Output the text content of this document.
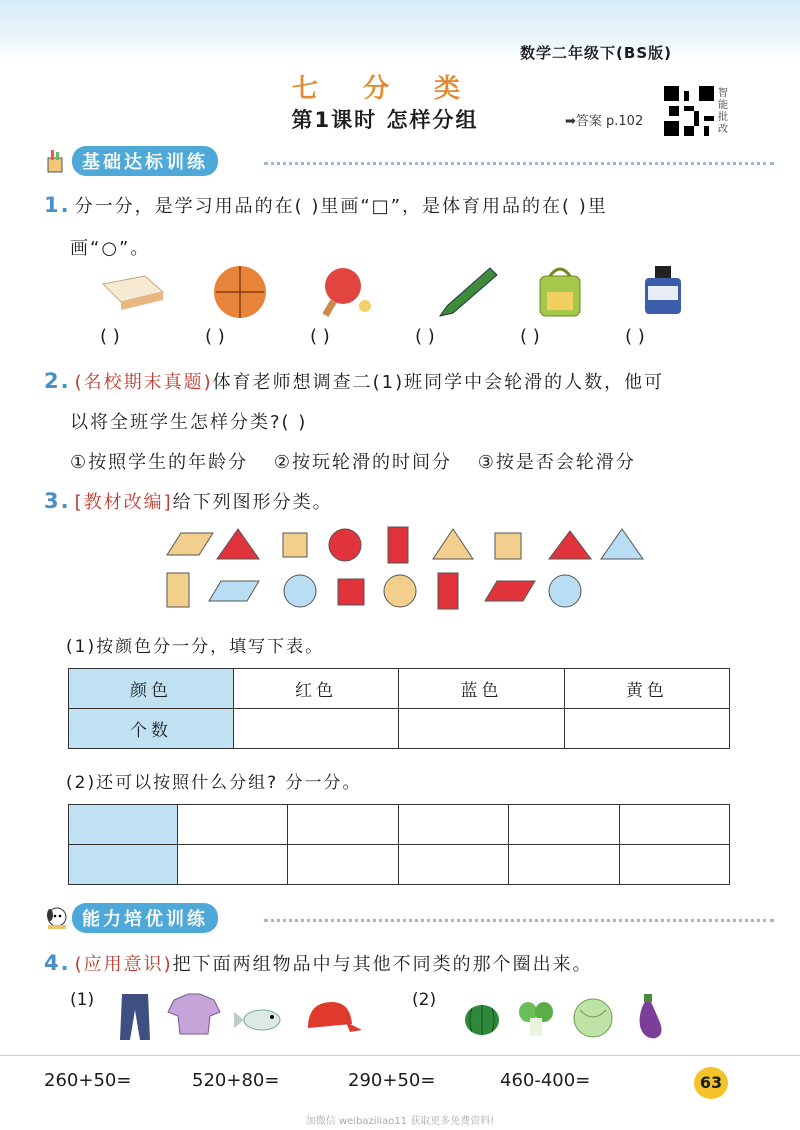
数学二年级下(BS版)
七 分 类
第1课时 怎样分组	➡答案 p.102
智能批改
基础达标训练
1. 分一分，是学习用品的在( )里画“□”，是体育用品的在( )里
画“○”。
( )	( )	( )	( )	( )	( )
2. (名校期末真题)体育老师想调查二(1)班同学中会轮滑的人数，他可
以将全班学生怎样分类?( )
①按照学生的年龄分 ②按玩轮滑的时间分 ③按是否会轮滑分
3. [教材改编]给下列图形分类。
(1)按颜色分一分，填写下表。
颜色	红色	蓝色	黄色
个数			
(2)还可以按照什么分组? 分一分。

能力培优训练
4. (应用意识)把下面两组物品中与其他不同类的那个圈出来。
(1)	(2)
260+50=	520+80=	290+50=	460-400=	63
加微信 weibaziliao11 获取更多免费资料!
